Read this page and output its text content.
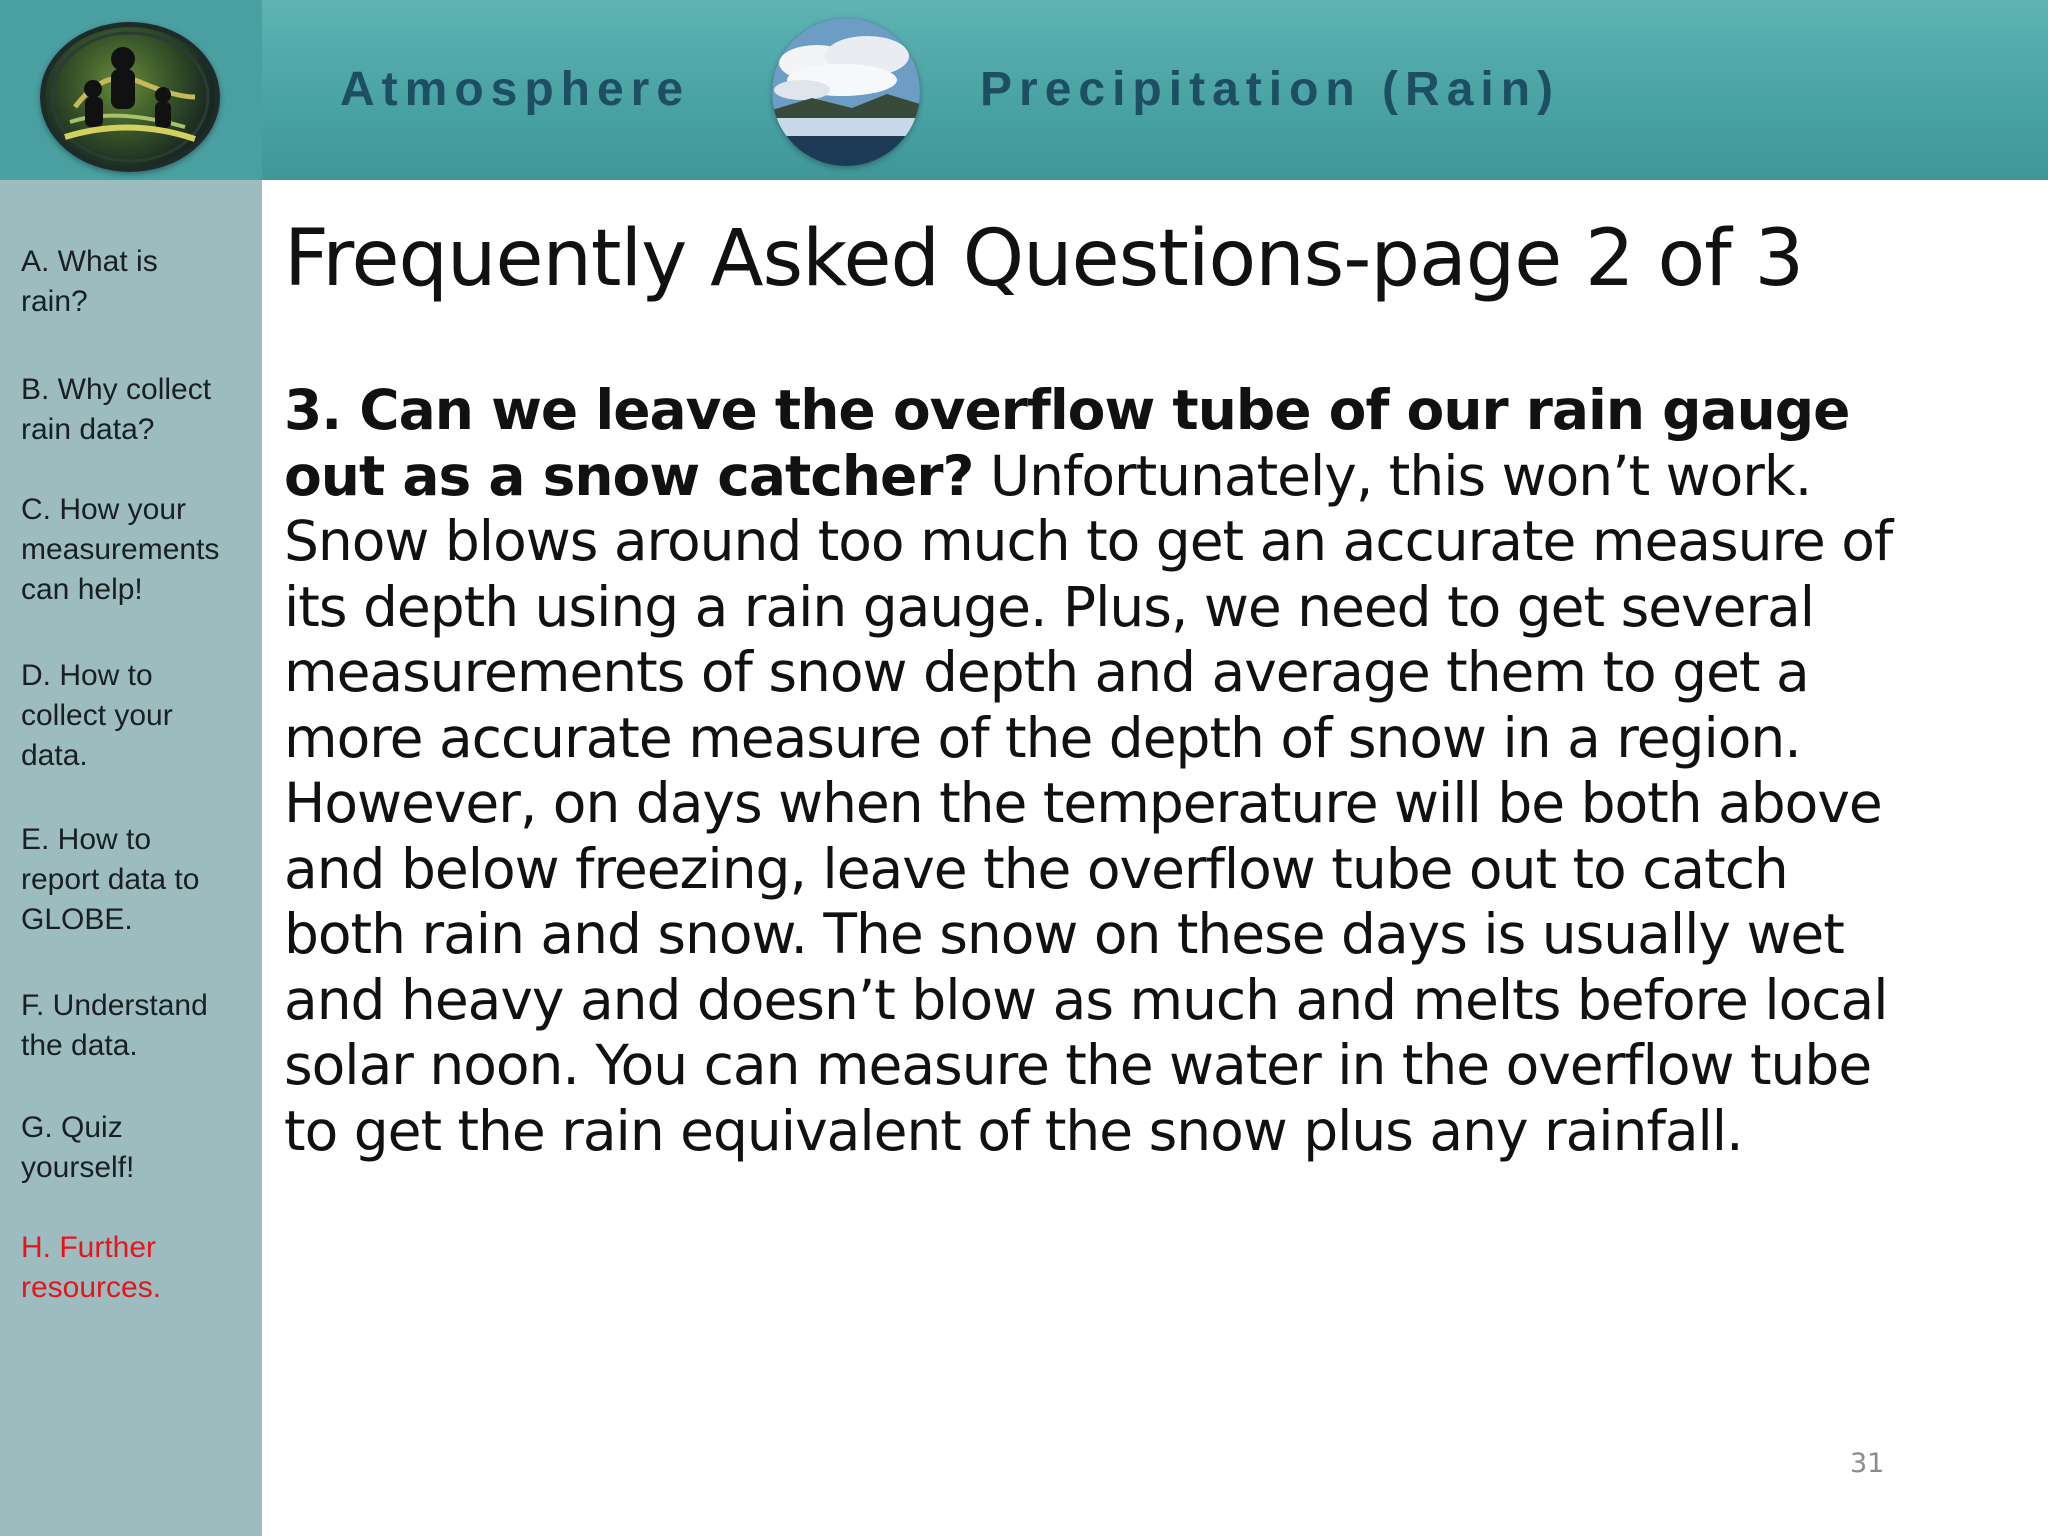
Atmosphere	Precipitation (Rain)
A. What is
rain?
B. Why collect
rain data?
C. How your
measurements
can help!
D. How to
collect your
data.
E. How to
report data to
GLOBE.
F. Understand
the data.
G. Quiz
yourself!
H. Further
resources.
Frequently Asked Questions-page 2 of 3
3. Can we leave the overflow tube of our rain gauge out as a snow catcher? Unfortunately, this won’t work. Snow blows around too much to get an accurate measure of its depth using a rain gauge. Plus, we need to get several measurements of snow depth and average them to get a more accurate measure of the depth of snow in a region. However, on days when the temperature will be both above and below freezing, leave the overflow tube out to catch both rain and snow. The snow on these days is usually wet and heavy and doesn’t blow as much and melts before local solar noon. You can measure the water in the overflow tube to get the rain equivalent of the snow plus any rainfall.
31
